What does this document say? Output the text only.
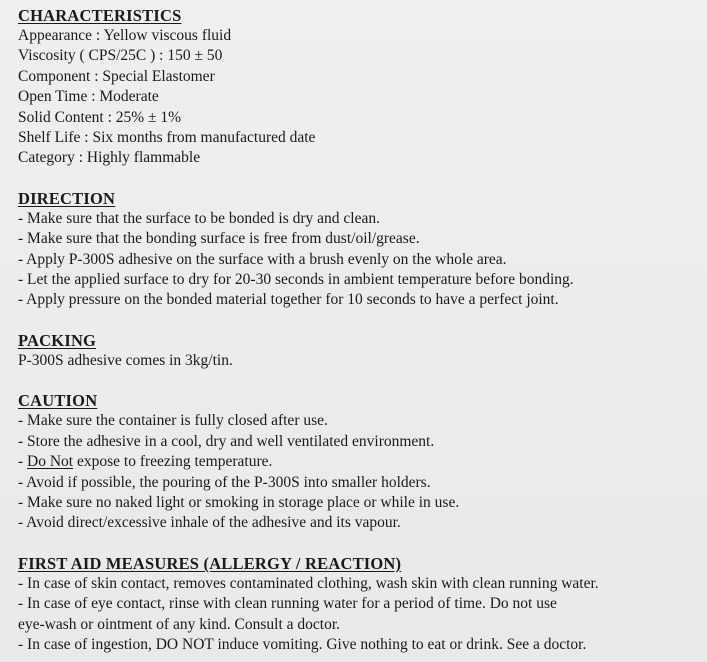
CHARACTERISTICS

Appearance : Yellow viscous fluid

Viscosity ( CPS/25C ) : 150 ± 50

Component : Special Elastomer

Open Time : Moderate

Solid Content : 25% ± 1%

Shelf Life : Six months from manufactured date

Category : Highly flammable

DIRECTION

- Make sure that the surface to be bonded is dry and clean.

- Make sure that the bonding surface is free from dust/oil/grease.

- Apply P-300S adhesive on the surface with a brush evenly on the whole area.

- Let the applied surface to dry for 20-30 seconds in ambient temperature before bonding.

- Apply pressure on the bonded material together for 10 seconds to have a perfect joint.

PACKING

P-300S adhesive comes in 3kg/tin.

CAUTION

- Make sure the container is fully closed after use.

- Store the adhesive in a cool, dry and well ventilated environment.

- Do Not expose to freezing temperature.

- Avoid if possible, the pouring of the P-300S into smaller holders.

- Make sure no naked light or smoking in storage place or while in use.

- Avoid direct/excessive inhale of the adhesive and its vapour.

FIRST AID MEASURES (ALLERGY / REACTION)

- In case of skin contact, removes contaminated clothing, wash skin with clean running water.

- In case of eye contact, rinse with clean running water for a period of time. Do not use

eye-wash or ointment of any kind. Consult a doctor.

- In case of ingestion, DO NOT induce vomiting. Give nothing to eat or drink. See a doctor.
